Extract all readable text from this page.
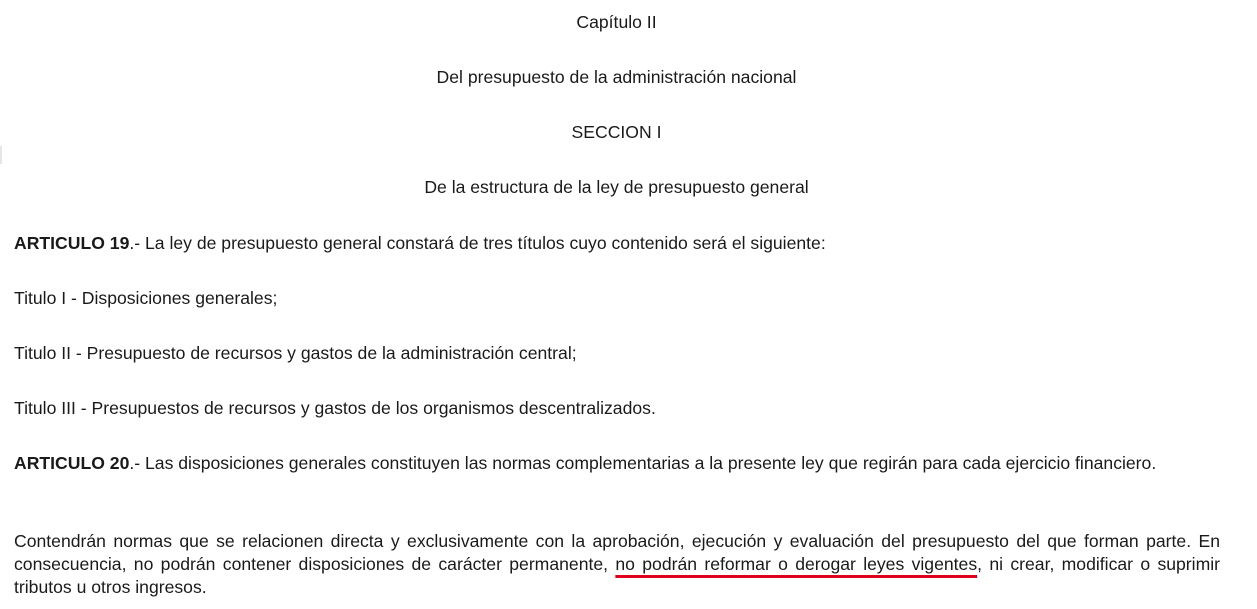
Capítulo II
Del presupuesto de la administración nacional
SECCION I
De la estructura de la ley de presupuesto general
ARTICULO 19.- La ley de presupuesto general constará de tres títulos cuyo contenido será el siguiente:
Titulo I - Disposiciones generales;
Titulo II - Presupuesto de recursos y gastos de la administración central;
Titulo III - Presupuestos de recursos y gastos de los organismos descentralizados.
ARTICULO 20.- Las disposiciones generales constituyen las normas complementarias a la presente ley que regirán para cada ejercicio financiero.
Contendrán normas que se relacionen directa y exclusivamente con la aprobación, ejecución y evaluación del presupuesto del que forman parte. En consecuencia, no podrán contener disposiciones de carácter permanente, no podrán reformar o derogar leyes vigentes, ni crear, modificar o suprimir tributos u otros ingresos.
